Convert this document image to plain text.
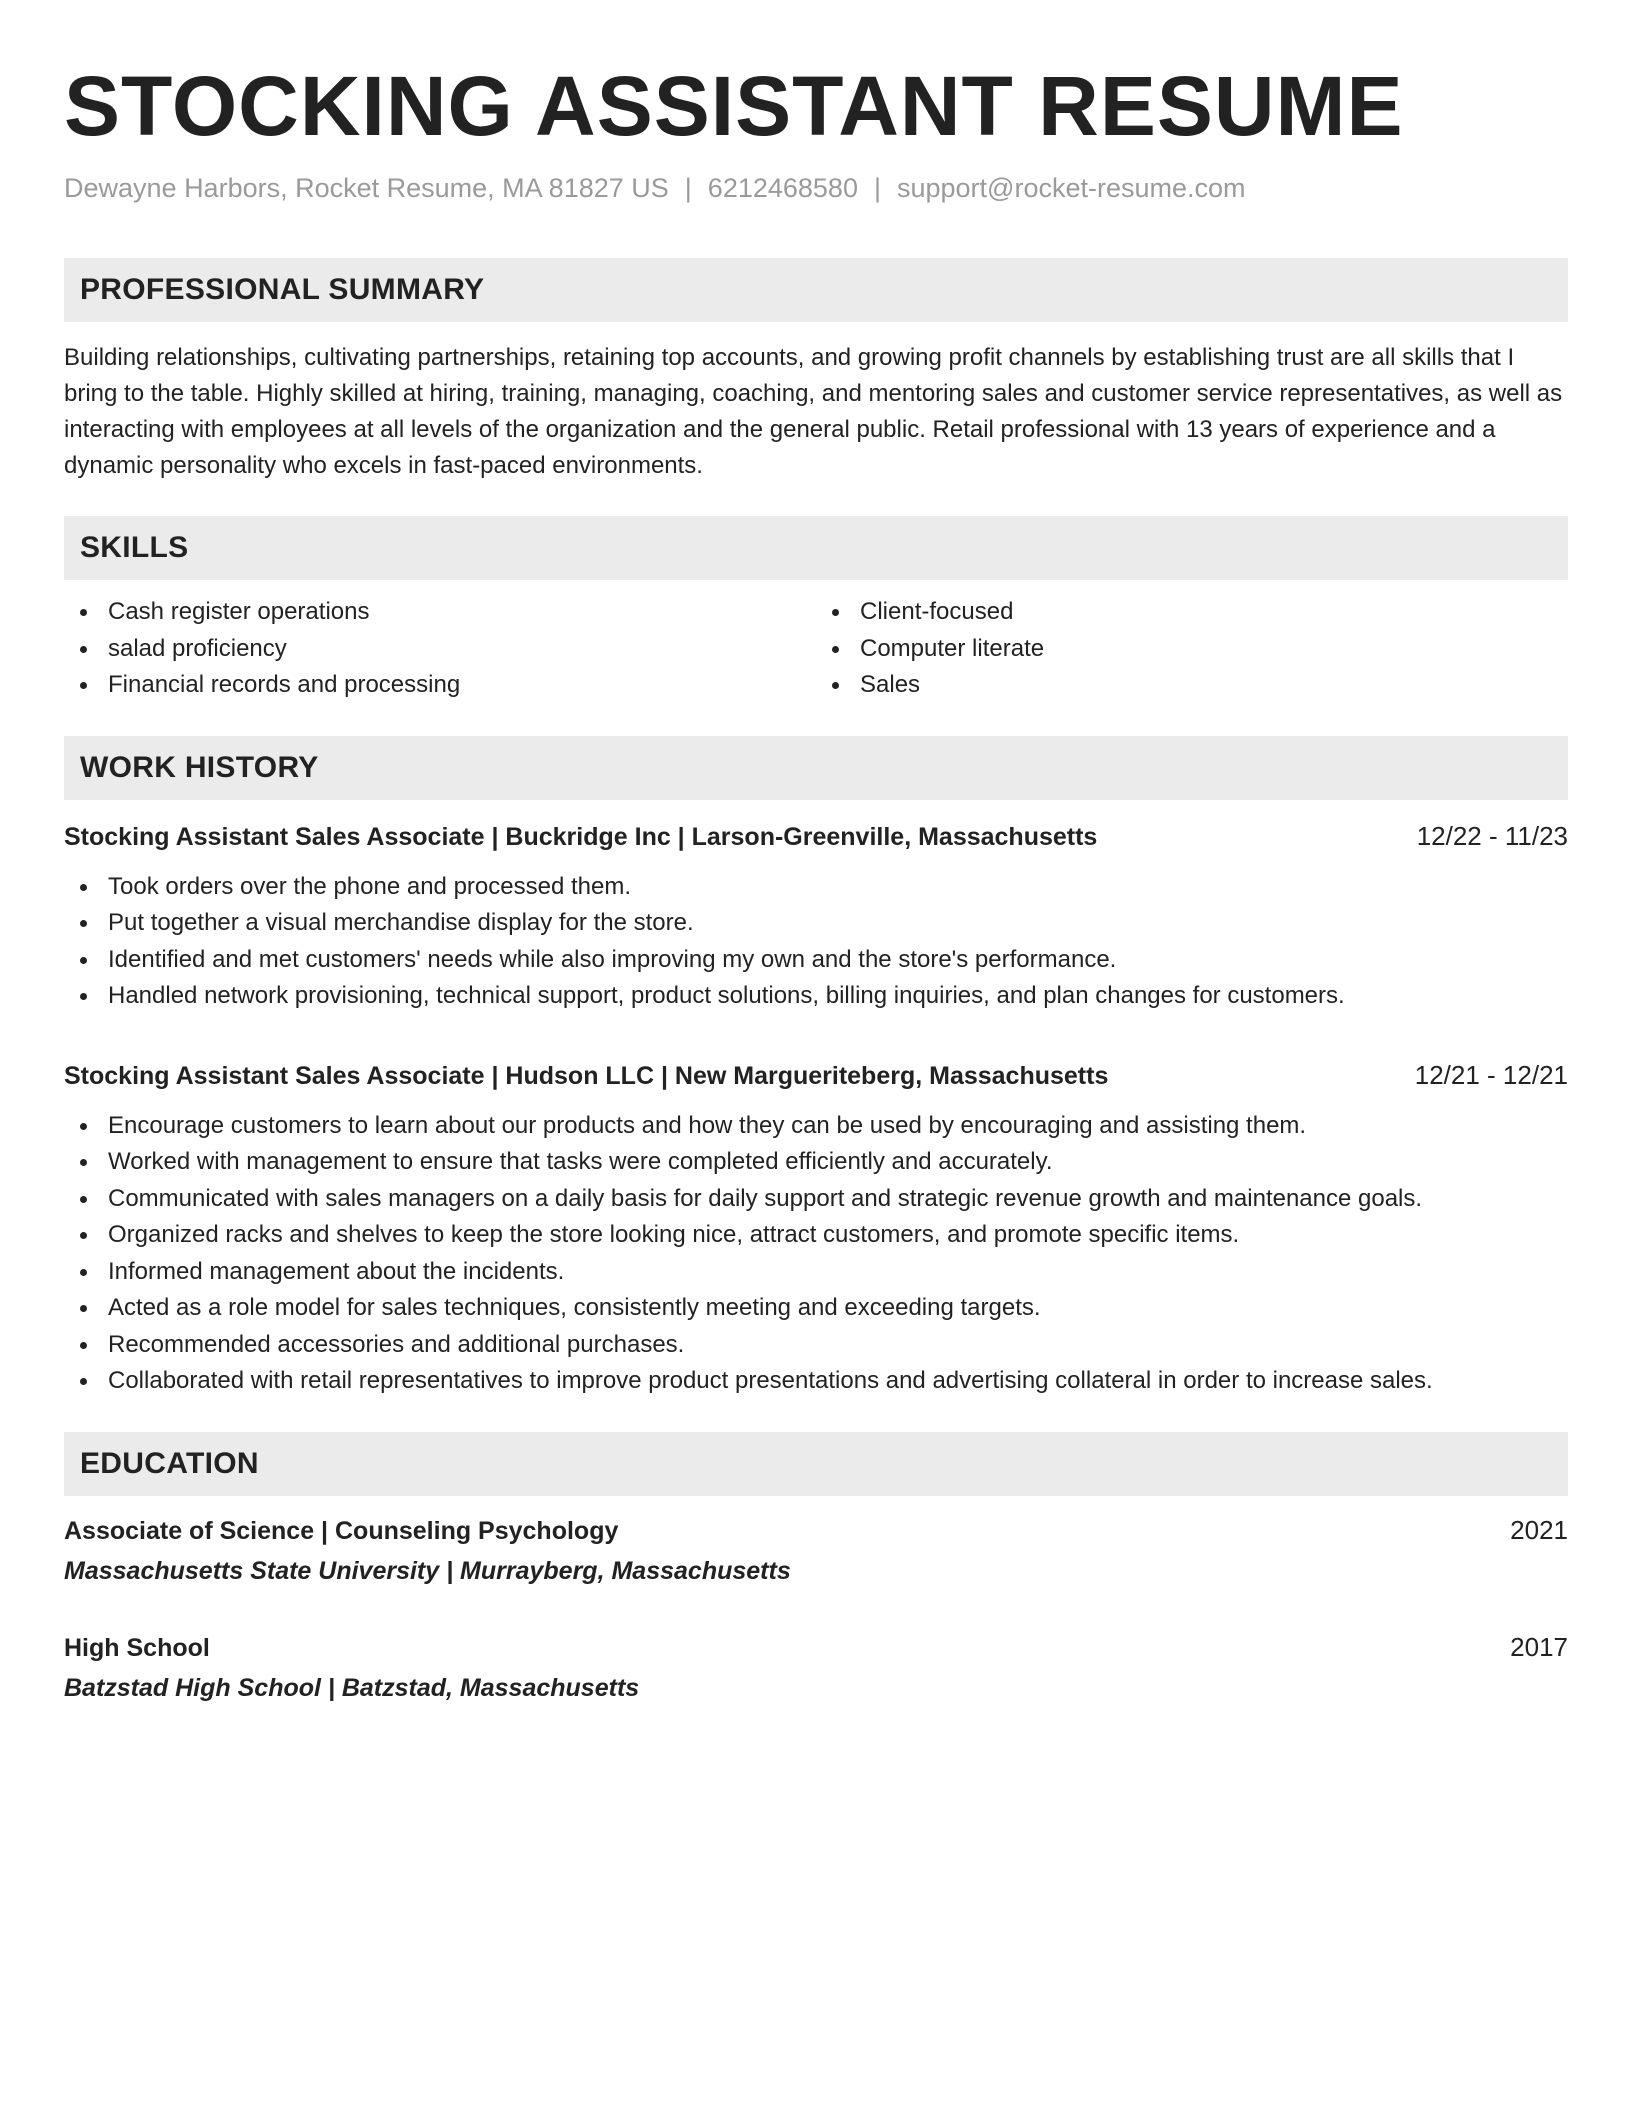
STOCKING ASSISTANT RESUME
Dewayne Harbors, Rocket Resume, MA 81827 US | 6212468580 | support@rocket-resume.com
PROFESSIONAL SUMMARY

Building relationships, cultivating partnerships, retaining top accounts, and growing profit channels by establishing trust are all skills that I bring to the table. Highly skilled at hiring, training, managing, coaching, and mentoring sales and customer service representatives, as well as interacting with employees at all levels of the organization and the general public. Retail professional with 13 years of experience and a dynamic personality who excels in fast-paced environments.

SKILLS
Cash register operations
salad proficiency
Financial records and processing
Client-focused
Computer literate
Sales
WORK HISTORY
Stocking Assistant Sales Associate | Buckridge Inc | Larson-Greenville, Massachusetts	12/22 - 11/23
Took orders over the phone and processed them.
Put together a visual merchandise display for the store.
Identified and met customers' needs while also improving my own and the store's performance.
Handled network provisioning, technical support, product solutions, billing inquiries, and plan changes for customers.
Stocking Assistant Sales Associate | Hudson LLC | New Margueriteberg, Massachusetts	12/21 - 12/21
Encourage customers to learn about our products and how they can be used by encouraging and assisting them.
Worked with management to ensure that tasks were completed efficiently and accurately.
Communicated with sales managers on a daily basis for daily support and strategic revenue growth and maintenance goals.
Organized racks and shelves to keep the store looking nice, attract customers, and promote specific items.
Informed management about the incidents.
Acted as a role model for sales techniques, consistently meeting and exceeding targets.
Recommended accessories and additional purchases.
Collaborated with retail representatives to improve product presentations and advertising collateral in order to increase sales.
EDUCATION
Associate of Science | Counseling Psychology	2021
Massachusetts State University | Murrayberg, Massachusetts
High School	2017
Batzstad High School | Batzstad, Massachusetts
